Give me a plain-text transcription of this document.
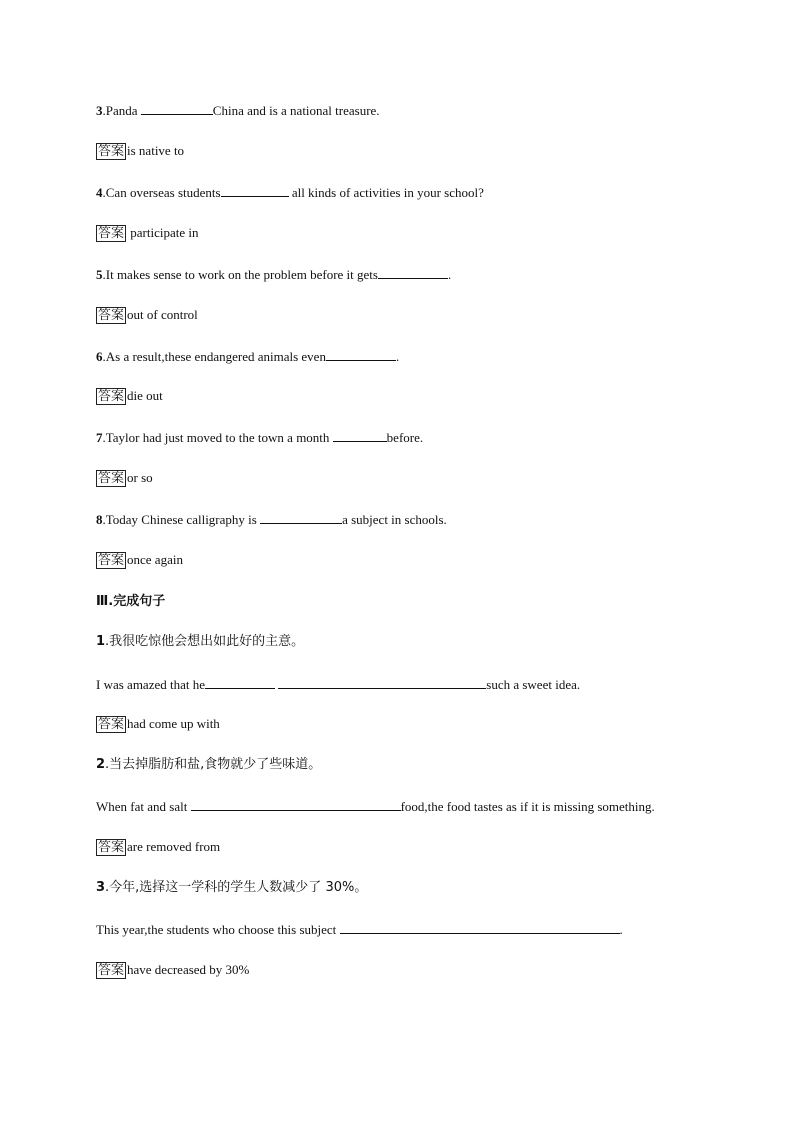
3.Panda	China and is a national treasure.
答案 is native to
4.Can overseas students	all kinds of activities in your school?
答案 participate in
5.It makes sense to work on the problem before it gets	.
答案 out of control
6.As a result,these endangered animals even	.
答案 die out
7.Taylor had just moved to the town a month	before.
答案 or so
8.Today Chinese calligraphy is	a subject in schools.
答案 once again
Ⅲ.完成句子
1.我很吃惊他会想出如此好的主意。
I was amazed that he	such a sweet idea.
答案 had come up with
2.当去掉脂肪和盐,食物就少了些味道。
When fat and salt	food,the food tastes as if it is missing something.
答案 are removed from
3.今年,选择这一学科的学生人数减少了 30%。
This year,the students who choose this subject	.
答案 have decreased by 30%
